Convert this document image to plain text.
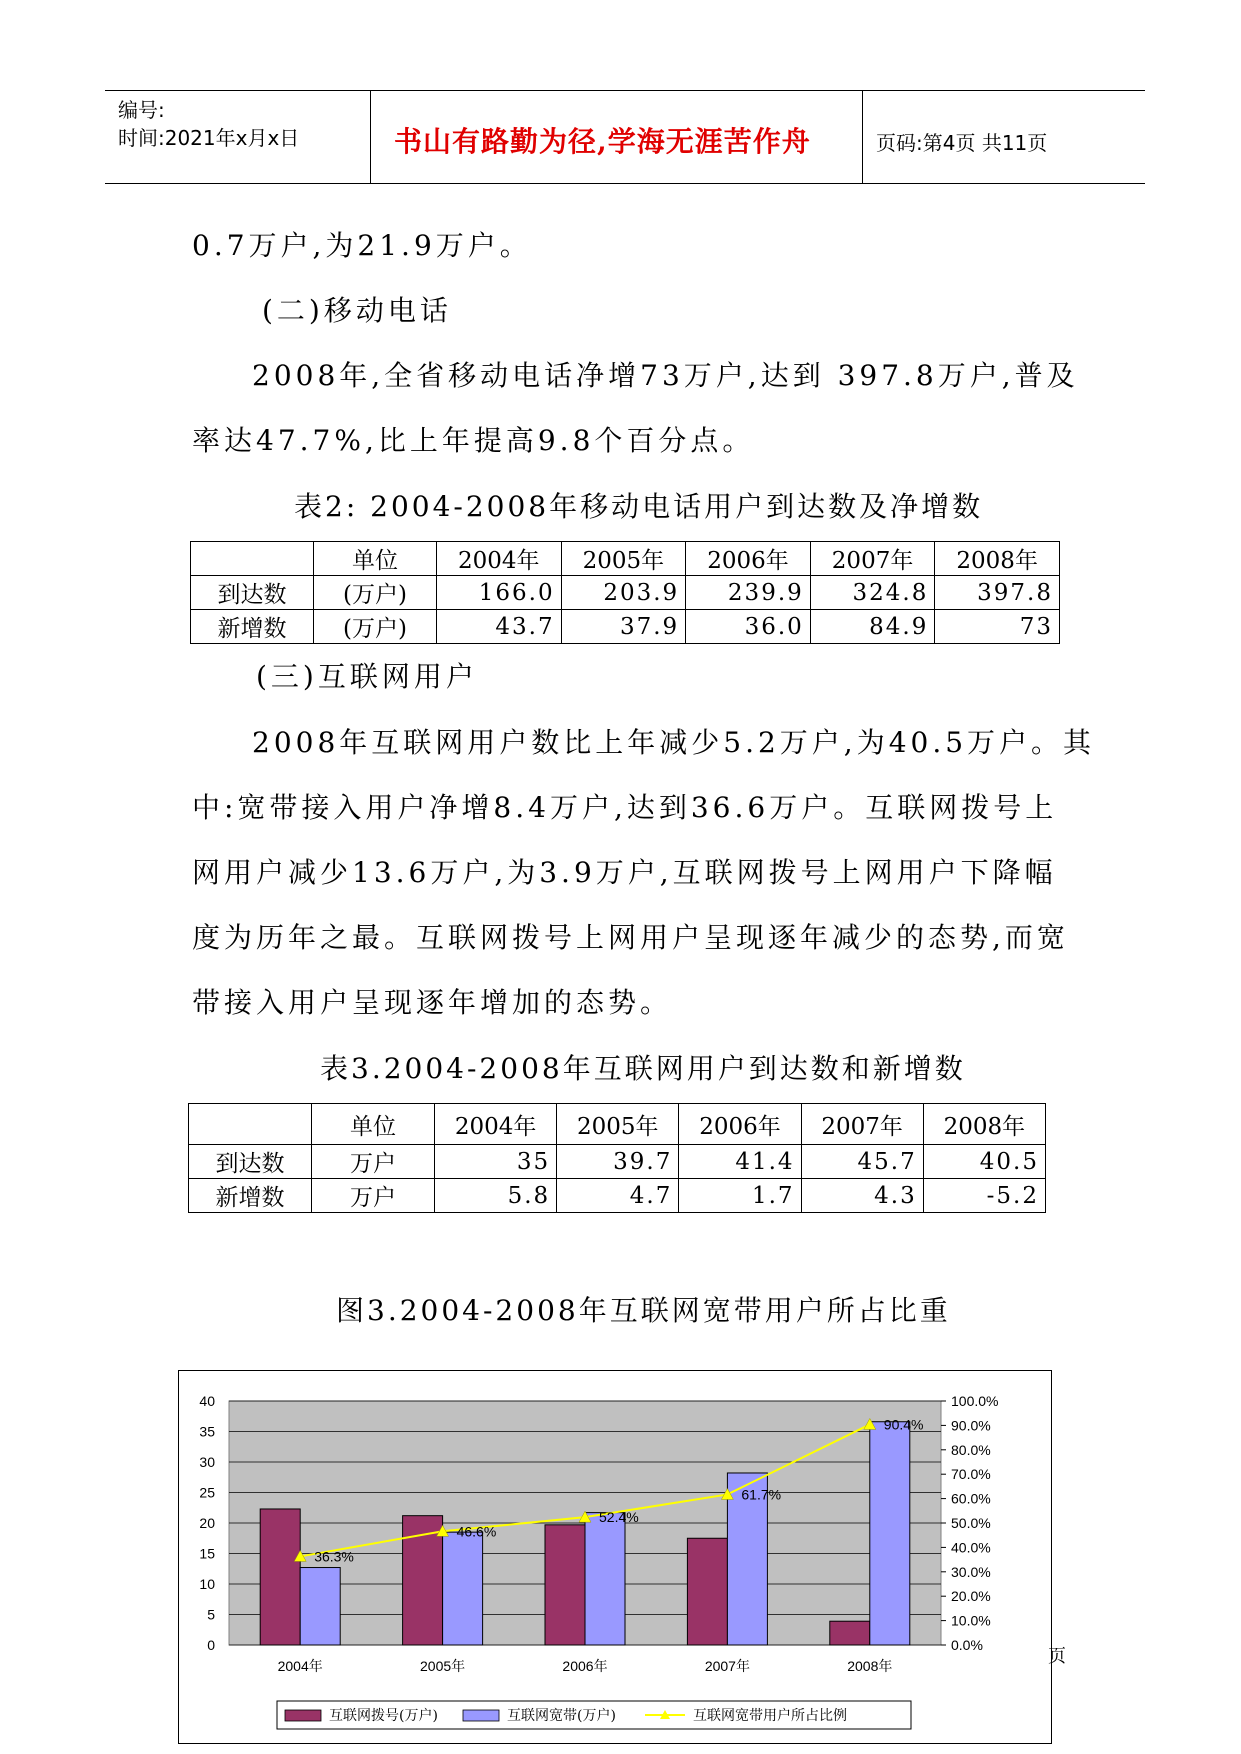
编号:
时间:2021年x月x日	书山有路勤为径,学海无涯苦作舟	页码:第4页 共11页
0.7万户,为21.9万户。
(二)移动电话
2008年,全省移动电话净增73万户,达到 397.8万户,普及
率达47.7%,比上年提高9.8个百分点。
表2: 2004-2008年移动电话用户到达数及净增数
	单位	2004年	2005年	2006年	2007年	2008年
到达数	(万户)	166.0	203.9	239.9	324.8	397.8
新增数	(万户)	43.7	37.9	36.0	84.9	73
(三)互联网用户
2008年互联网用户数比上年减少5.2万户,为40.5万户。其
中:宽带接入用户净增8.4万户,达到36.6万户。互联网拨号上
网用户减少13.6万户,为3.9万户,互联网拨号上网用户下降幅
度为历年之最。互联网拨号上网用户呈现逐年减少的态势,而宽
带接入用户呈现逐年增加的态势。
表3.2004-2008年互联网用户到达数和新增数
	单位	2004年	2005年	2006年	2007年	2008年
到达数	万户	35	39.7	41.4	45.7	40.5
新增数	万户	5.8	4.7	1.7	4.3	-5.2
图3.2004-2008年互联网宽带用户所占比重
0
5
10
15
20
25
30
35
40
0.0%
10.0%
20.0%
30.0%
40.0%
50.0%
60.0%
70.0%
80.0%
90.0%
100.0%
2004年	2005年	2006年	2007年	2008年
36.3%
46.6%
52.4%
61.7%
90.4%
互联网拨号(万户)	互联网宽带(万户)	互联网宽带用户所占比例
页
